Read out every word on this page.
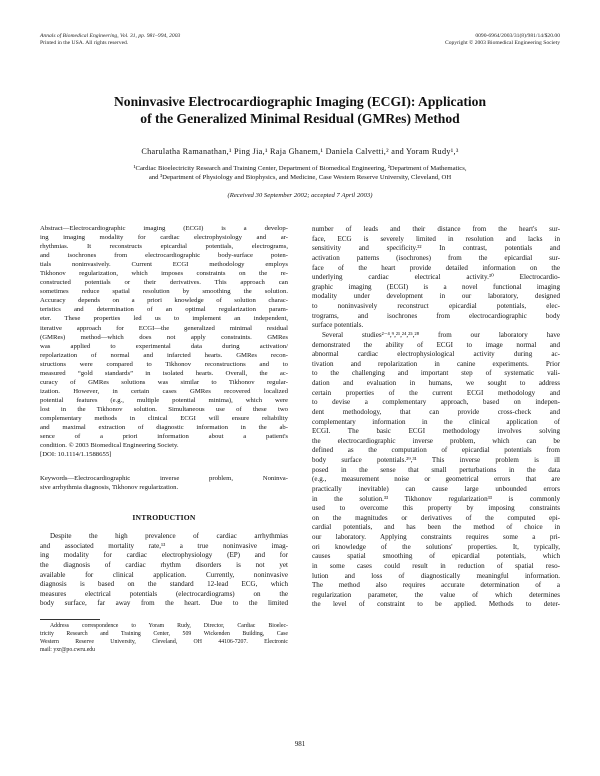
Annals of Biomedical Engineering, Vol. 31, pp. 981–994, 2003
Printed in the USA. All rights reserved.
0090-6964/2003/31(8)/981/14/$20.00
Copyright © 2003 Biomedical Engineering Society
Noninvasive Electrocardiographic Imaging (ECGI): Application
of the Generalized Minimal Residual (GMRes) Method
Charulatha Ramanathan,¹ Ping Jia,¹ Raja Ghanem,¹ Daniela Calvetti,² and Yoram Rudy¹,³
¹Cardiac Bioelectricity Research and Training Center, Department of Biomedical Engineering, ²Department of Mathematics,
and ³Department of Physiology and Biophysics, and Medicine, Case Western Reserve University, Cleveland, OH
(Received 30 September 2002; accepted 7 April 2003)
Abstract—Electrocardiographic imaging (ECGI) is a develop-
ing imaging modality for cardiac electrophysiology and ar-
rhythmias. It reconstructs epicardial potentials, electrograms,
and isochrones from electrocardiographic body-surface poten-
tials noninvasively. Current ECGI methodology employs
Tikhonov regularization, which imposes constraints on the re-
constructed potentials or their derivatives. This approach can
sometimes reduce spatial resolution by smoothing the solution.
Accuracy depends on a priori knowledge of solution charac-
teristics and determination of an optimal regularization param-
eter. These properties led us to implement an independent,
iterative approach for ECGI—the generalized minimal residual
(GMRes) method—which does not apply constraints. GMRes
was applied to experimental data during activation/
repolarization of normal and infarcted hearts. GMRes recon-
structions were compared to Tikhonov reconstructions and to
measured “gold standards” in isolated hearts. Overall, the ac-
curacy of GMRes solutions was similar to Tikhonov regular-
ization. However, in certain cases GMRes recovered localized
potential features (e.g., multiple potential minima), which were
lost in the Tikhonov solution. Simultaneous use of these two
complementary methods in clinical ECGI will ensure reliability
and maximal extraction of diagnostic information in the ab-
sence of a priori information about a patient's
condition. © 2003 Biomedical Engineering Society.
[DOI: 10.1114/1.1588655]
Keywords—Electrocardiographic inverse problem, Noninva-
sive arrhythmia diagnosis, Tikhonov regularization.
INTRODUCTION
Despite the high prevalence of cardiac arrhythmias
and associated mortality rate,¹³ a true noninvasive imag-
ing modality for cardiac electrophysiology (EP) and for
the diagnosis of cardiac rhythm disorders is not yet
available for clinical application. Currently, noninvasive
diagnosis is based on the standard 12-lead ECG, which
measures electrical potentials (electrocardiograms) on the
body surface, far away from the heart. Due to the limited
Address correspondence to Yoram Rudy, Director, Cardiac Bioelec-
tricity Research and Training Center, 509 Wickenden Building, Case
Western Reserve University, Cleveland, OH 44106-7207. Electronic
mail: yxr@po.cwru.edu
number of leads and their distance from the heart's sur-
face, ECG is severely limited in resolution and lacks in
sensitivity and specificity.²² In contrast, potentials and
activation patterns (isochrones) from the epicardial sur-
face of the heart provide detailed information on the
underlying cardiac electrical activity.³⁰ Electrocardio-
graphic imaging (ECGI) is a novel functional imaging
modality under development in our laboratory, designed
to noninvasively reconstruct epicardial potentials, elec-
trograms, and isochrones from electrocardiographic body
surface potentials.
Several studies²⁻⁴,⁹,²¹,²⁴,²⁵,²⁸ from our laboratory have
demonstrated the ability of ECGI to image normal and
abnormal cardiac electrophysiological activity during ac-
tivation and repolarization in canine experiments. Prior
to the challenging and important step of systematic vali-
dation and evaluation in humans, we sought to address
certain properties of the current ECGI methodology and
to devise a complementary approach, based on indepen-
dent methodology, that can provide cross-check and
complementary information in the clinical application of
ECGI. The basic ECGI methodology involves solving
the electrocardiographic inverse problem, which can be
defined as the computation of epicardial potentials from
body surface potentials.²⁹,³¹ This inverse problem is ill
posed in the sense that small perturbations in the data
(e.g., measurement noise or geometrical errors that are
practically inevitable) can cause large unbounded errors
in the solution.³³ Tikhonov regularization³³ is commonly
used to overcome this property by imposing constraints
on the magnitudes or derivatives of the computed epi-
cardial potentials, and has been the method of choice in
our laboratory. Applying constraints requires some a pri-
ori knowledge of the solutions' properties. It, typically,
causes spatial smoothing of epicardial potentials, which
in some cases could result in reduction of spatial reso-
lution and loss of diagnostically meaningful information.
The method also requires accurate determination of a
regularization parameter, the value of which determines
the level of constraint to be applied. Methods to deter-
981
